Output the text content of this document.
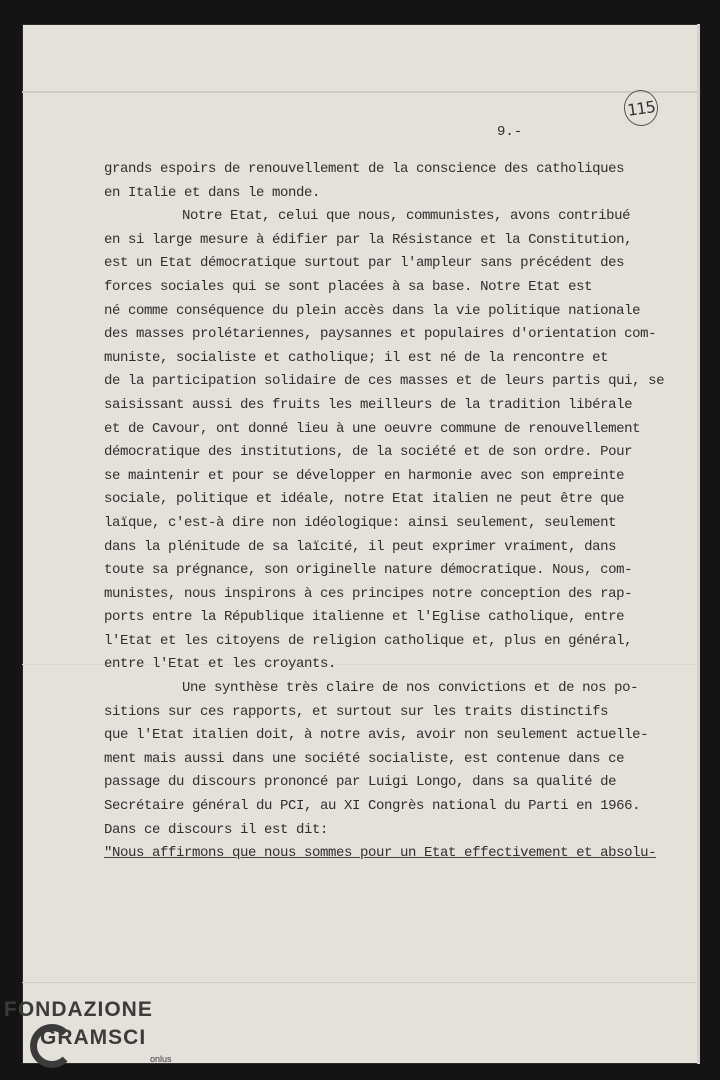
115
9.-
grands espoirs de renouvellement de la conscience des catholiques
en Italie et dans le monde.
Notre Etat, celui que nous, communistes, avons contribué
en si large mesure à édifier par la Résistance et la Constitution,
est un Etat démocratique surtout par l'ampleur sans précédent des
forces sociales qui se sont placées à sa base. Notre Etat est
né comme conséquence du plein accès dans la vie politique nationale
des masses prolétariennes, paysannes et populaires d'orientation com-
muniste, socialiste et catholique; il est né de la rencontre et
de la participation solidaire de ces masses et de leurs partis qui, se
saisissant aussi des fruits les meilleurs de la tradition libérale
et de Cavour, ont donné lieu à une oeuvre commune de renouvellement
démocratique des institutions, de la société et de son ordre. Pour
se maintenir et pour se développer en harmonie avec son empreinte
sociale, politique et idéale, notre Etat italien ne peut être que
laïque, c'est-à dire non idéologique: ainsi seulement, seulement
dans la plénitude de sa laïcité, il peut exprimer vraiment, dans
toute sa prégnance, son originelle nature démocratique. Nous, com-
munistes, nous inspirons à ces principes notre conception des rap-
ports entre la République italienne et l'Eglise catholique, entre
l'Etat et les citoyens de religion catholique et, plus en général,
entre l'Etat et les croyants.
Une synthèse très claire de nos convictions et de nos po-
sitions sur ces rapports, et surtout sur les traits distinctifs
que l'Etat italien doit, à notre avis, avoir non seulement actuelle-
ment mais aussi dans une société socialiste, est contenue dans ce
passage du discours prononcé par Luigi Longo, dans sa qualité de
Secrétaire général du PCI, au XI Congrès national du Parti en 1966.
Dans ce discours il est dit:
"Nous affirmons que nous sommes pour un Etat effectivement et absolu-
FONDAZIONE
GRAMSCI
onlus
